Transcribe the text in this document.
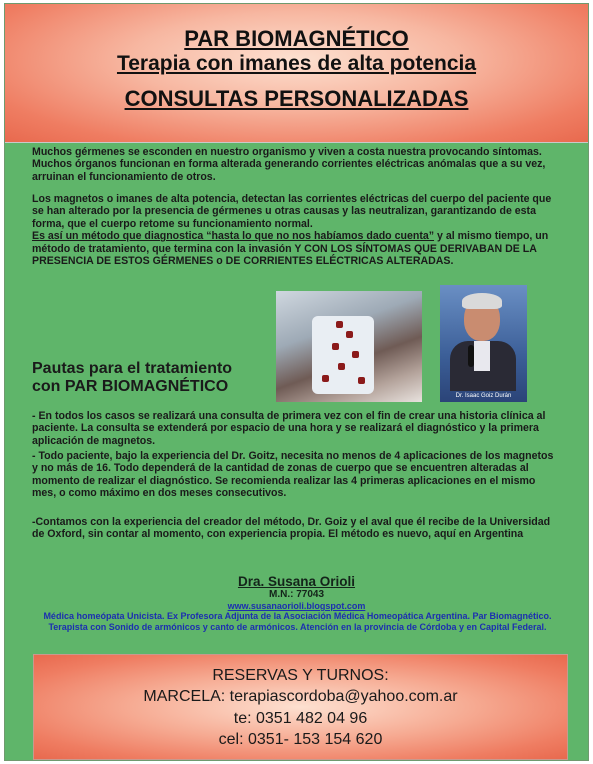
PAR BIOMAGNÉTICO
Terapia con imanes de alta potencia
CONSULTAS PERSONALIZADAS
Muchos gérmenes se esconden en nuestro organismo y viven a costa nuestra provocando síntomas. Muchos órganos funcionan en forma alterada generando corrientes eléctricas anómalas que a su vez, arruinan el funcionamiento de otros.
Los magnetos o imanes de alta potencia, detectan las corrientes eléctricas del cuerpo del paciente que se han alterado por la presencia de gérmenes u otras causas y las neutralizan, garantizando de esta forma, que el cuerpo retome su funcionamiento normal.
Es así un método que diagnostica “hasta lo que no nos habíamos dado cuenta” y al mismo tiempo, un método de tratamiento, que termina con la invasión Y CON LOS SÍNTOMAS QUE DERIVABAN DE LA PRESENCIA DE ESTOS GÉRMENES o DE CORRIENTES ELÉCTRICAS ALTERADAS.
Dr. Isaac Goiz Durán
Pautas para el tratamiento
con PAR BIOMAGNÉTICO
- En todos los casos se realizará una consulta de primera vez con el fin de crear una historia clínica al paciente. La consulta se extenderá por espacio de una hora y se realizará el diagnóstico y la primera aplicación de magnetos.
- Todo paciente, bajo la experiencia del Dr. Goitz, necesita no menos de 4 aplicaciones de los magnetos y no más de 16. Todo dependerá de la cantidad de zonas de cuerpo que se encuentren alteradas al momento de realizar el diagnóstico. Se recomienda realizar las 4 primeras aplicaciones en el mismo mes, o como máximo en dos meses consecutivos.
-Contamos con la experiencia del creador del método, Dr. Goiz y el aval que él recibe de la Universidad de Oxford, sin contar al momento, con experiencia propia. El método es nuevo, aquí en Argentina
Dra. Susana Orioli
M.N.: 77043
www.susanaorioli.blogspot.com
Médica homeópata Unicista. Ex Profesora Adjunta de la Asociación Médica Homeopática Argentina. Par Biomagnético. Terapista con Sonido de armónicos y canto de armónicos. Atención en la provincia de Córdoba y en Capital Federal.
RESERVAS Y TURNOS:
MARCELA: terapiascordoba@yahoo.com.ar
te: 0351 482 04 96
cel: 0351- 153 154 620
